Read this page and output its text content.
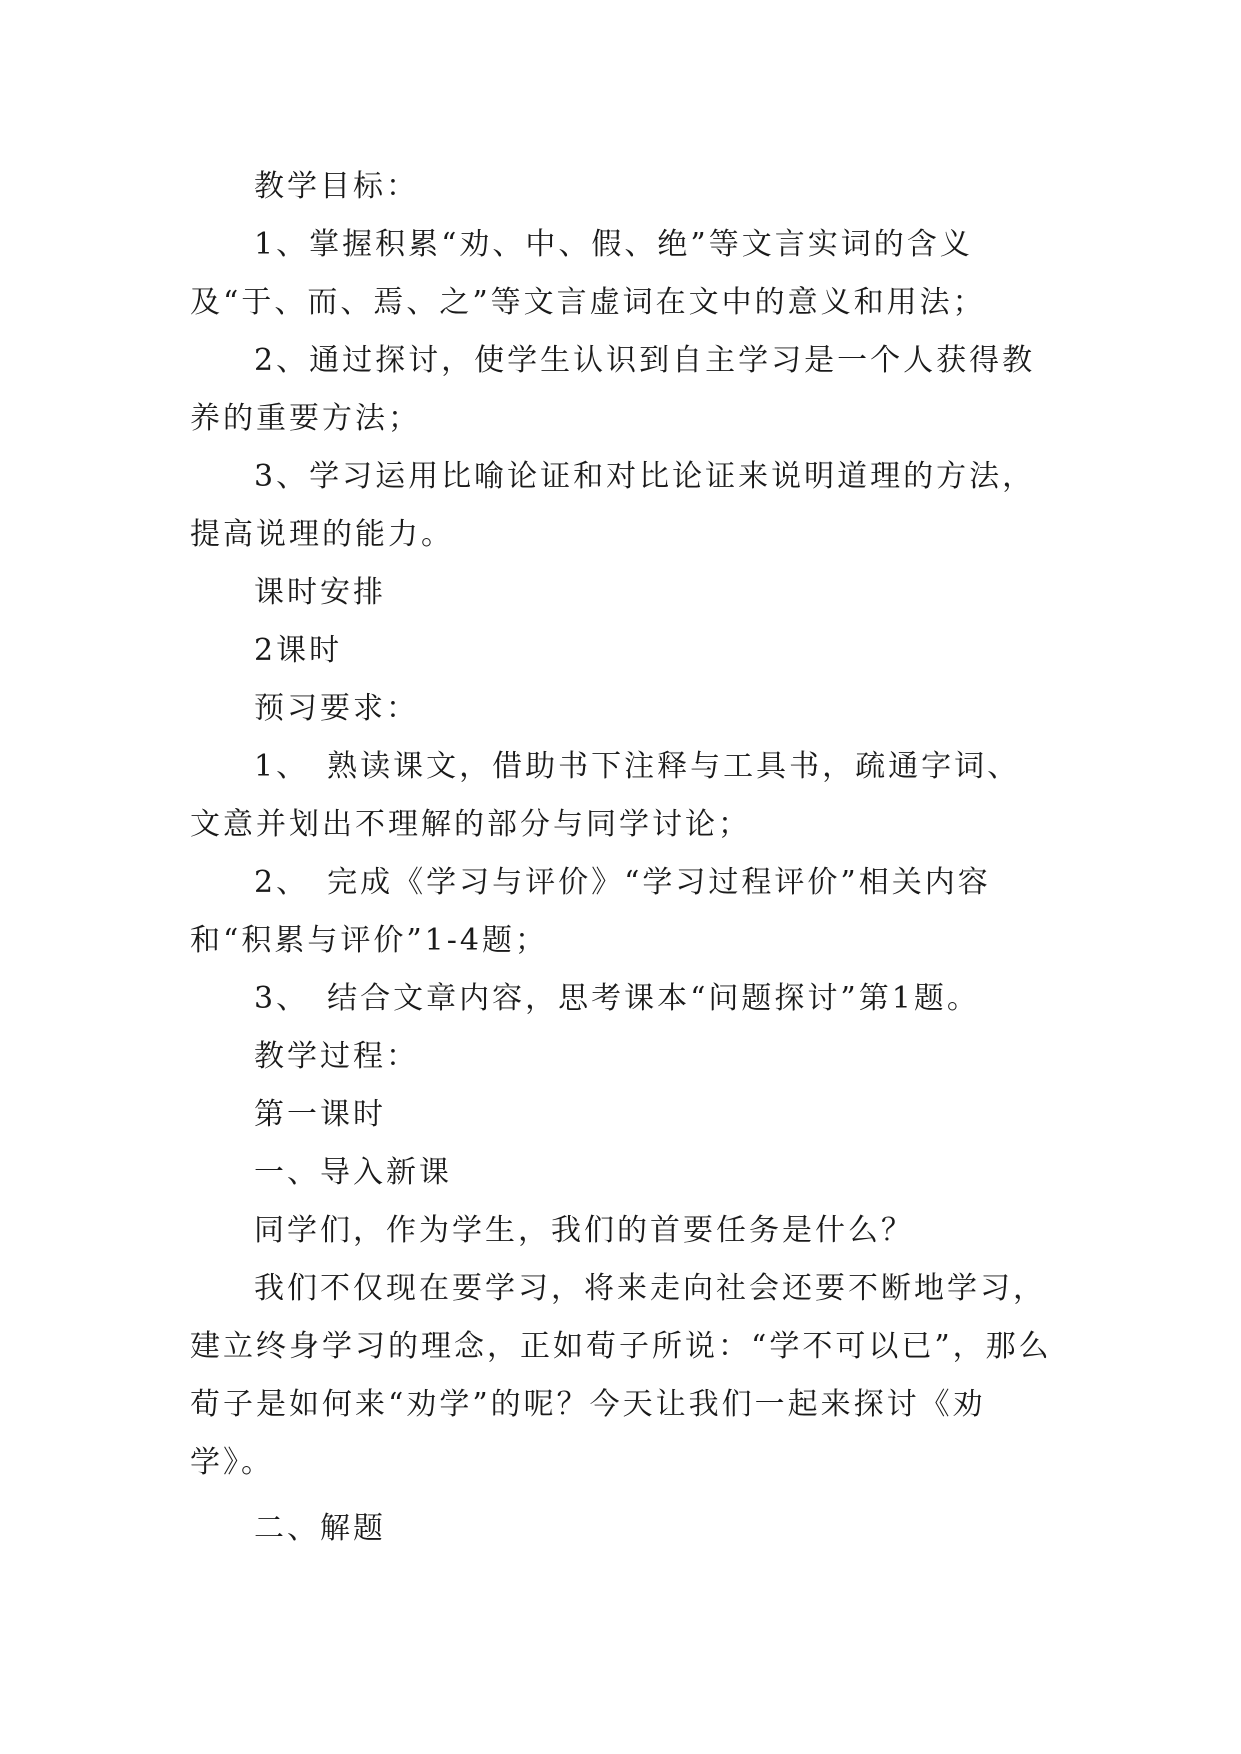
教学目标：

1、掌握积累“劝、中、假、绝”等文言实词的含义及“于、而、焉、之”等文言虚词在文中的意义和用法；

2、通过探讨，使学生认识到自主学习是一个人获得教养的重要方法；

3、学习运用比喻论证和对比论证来说明道理的方法，提高说理的能力。

课时安排

2课时

预习要求：

1、　熟读课文，借助书下注释与工具书，疏通字词、文意并划出不理解的部分与同学讨论；

2、　完成《学习与评价》“学习过程评价”相关内容和“积累与评价”1-4题；

3、　结合文章内容，思考课本“问题探讨”第1题。

教学过程：

第一课时

一、导入新课

同学们，作为学生，我们的首要任务是什么？

我们不仅现在要学习，将来走向社会还要不断地学习，建立终身学习的理念，正如荀子所说：“学不可以已”，那么荀子是如何来“劝学”的呢？今天让我们一起来探讨《劝学》。

二、解题
